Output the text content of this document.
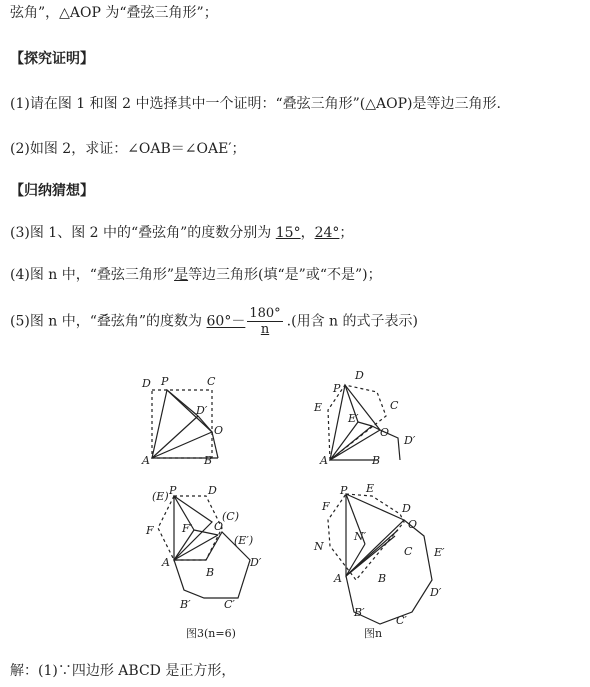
弦角”，△AOP 为“叠弦三角形”；
【探究证明】
(1)请在图 1 和图 2 中选择其中一个证明：“叠弦三角形”(△AOP)是等边三角形.
(2)如图 2，求证：∠OAB＝∠OAE′；
【归纳猜想】
(3)图 1、图 2 中的“叠弦角”的度数分别为 15°，24°；
(4)图 n 中，“叠弦三角形”是等边三角形(填“是”或“不是”)；
(5)图 n 中，“叠弦角”的度数为 $60^\circ- \frac{180^\circ}{n}$ .(用含 n 的式子表示)
D P	C
D′
O
A	B
P
D
E
E′
C
O
D′
A	B
(E) P	D
F	F′
(C)
O
(E′)
A
B
D′
B′	C′
图3(n=6)
P E
F	D
N
N′
O
C E′
A	B
D′
B′
C′
图n
解：(1)∵四边形 ABCD 是正方形，
